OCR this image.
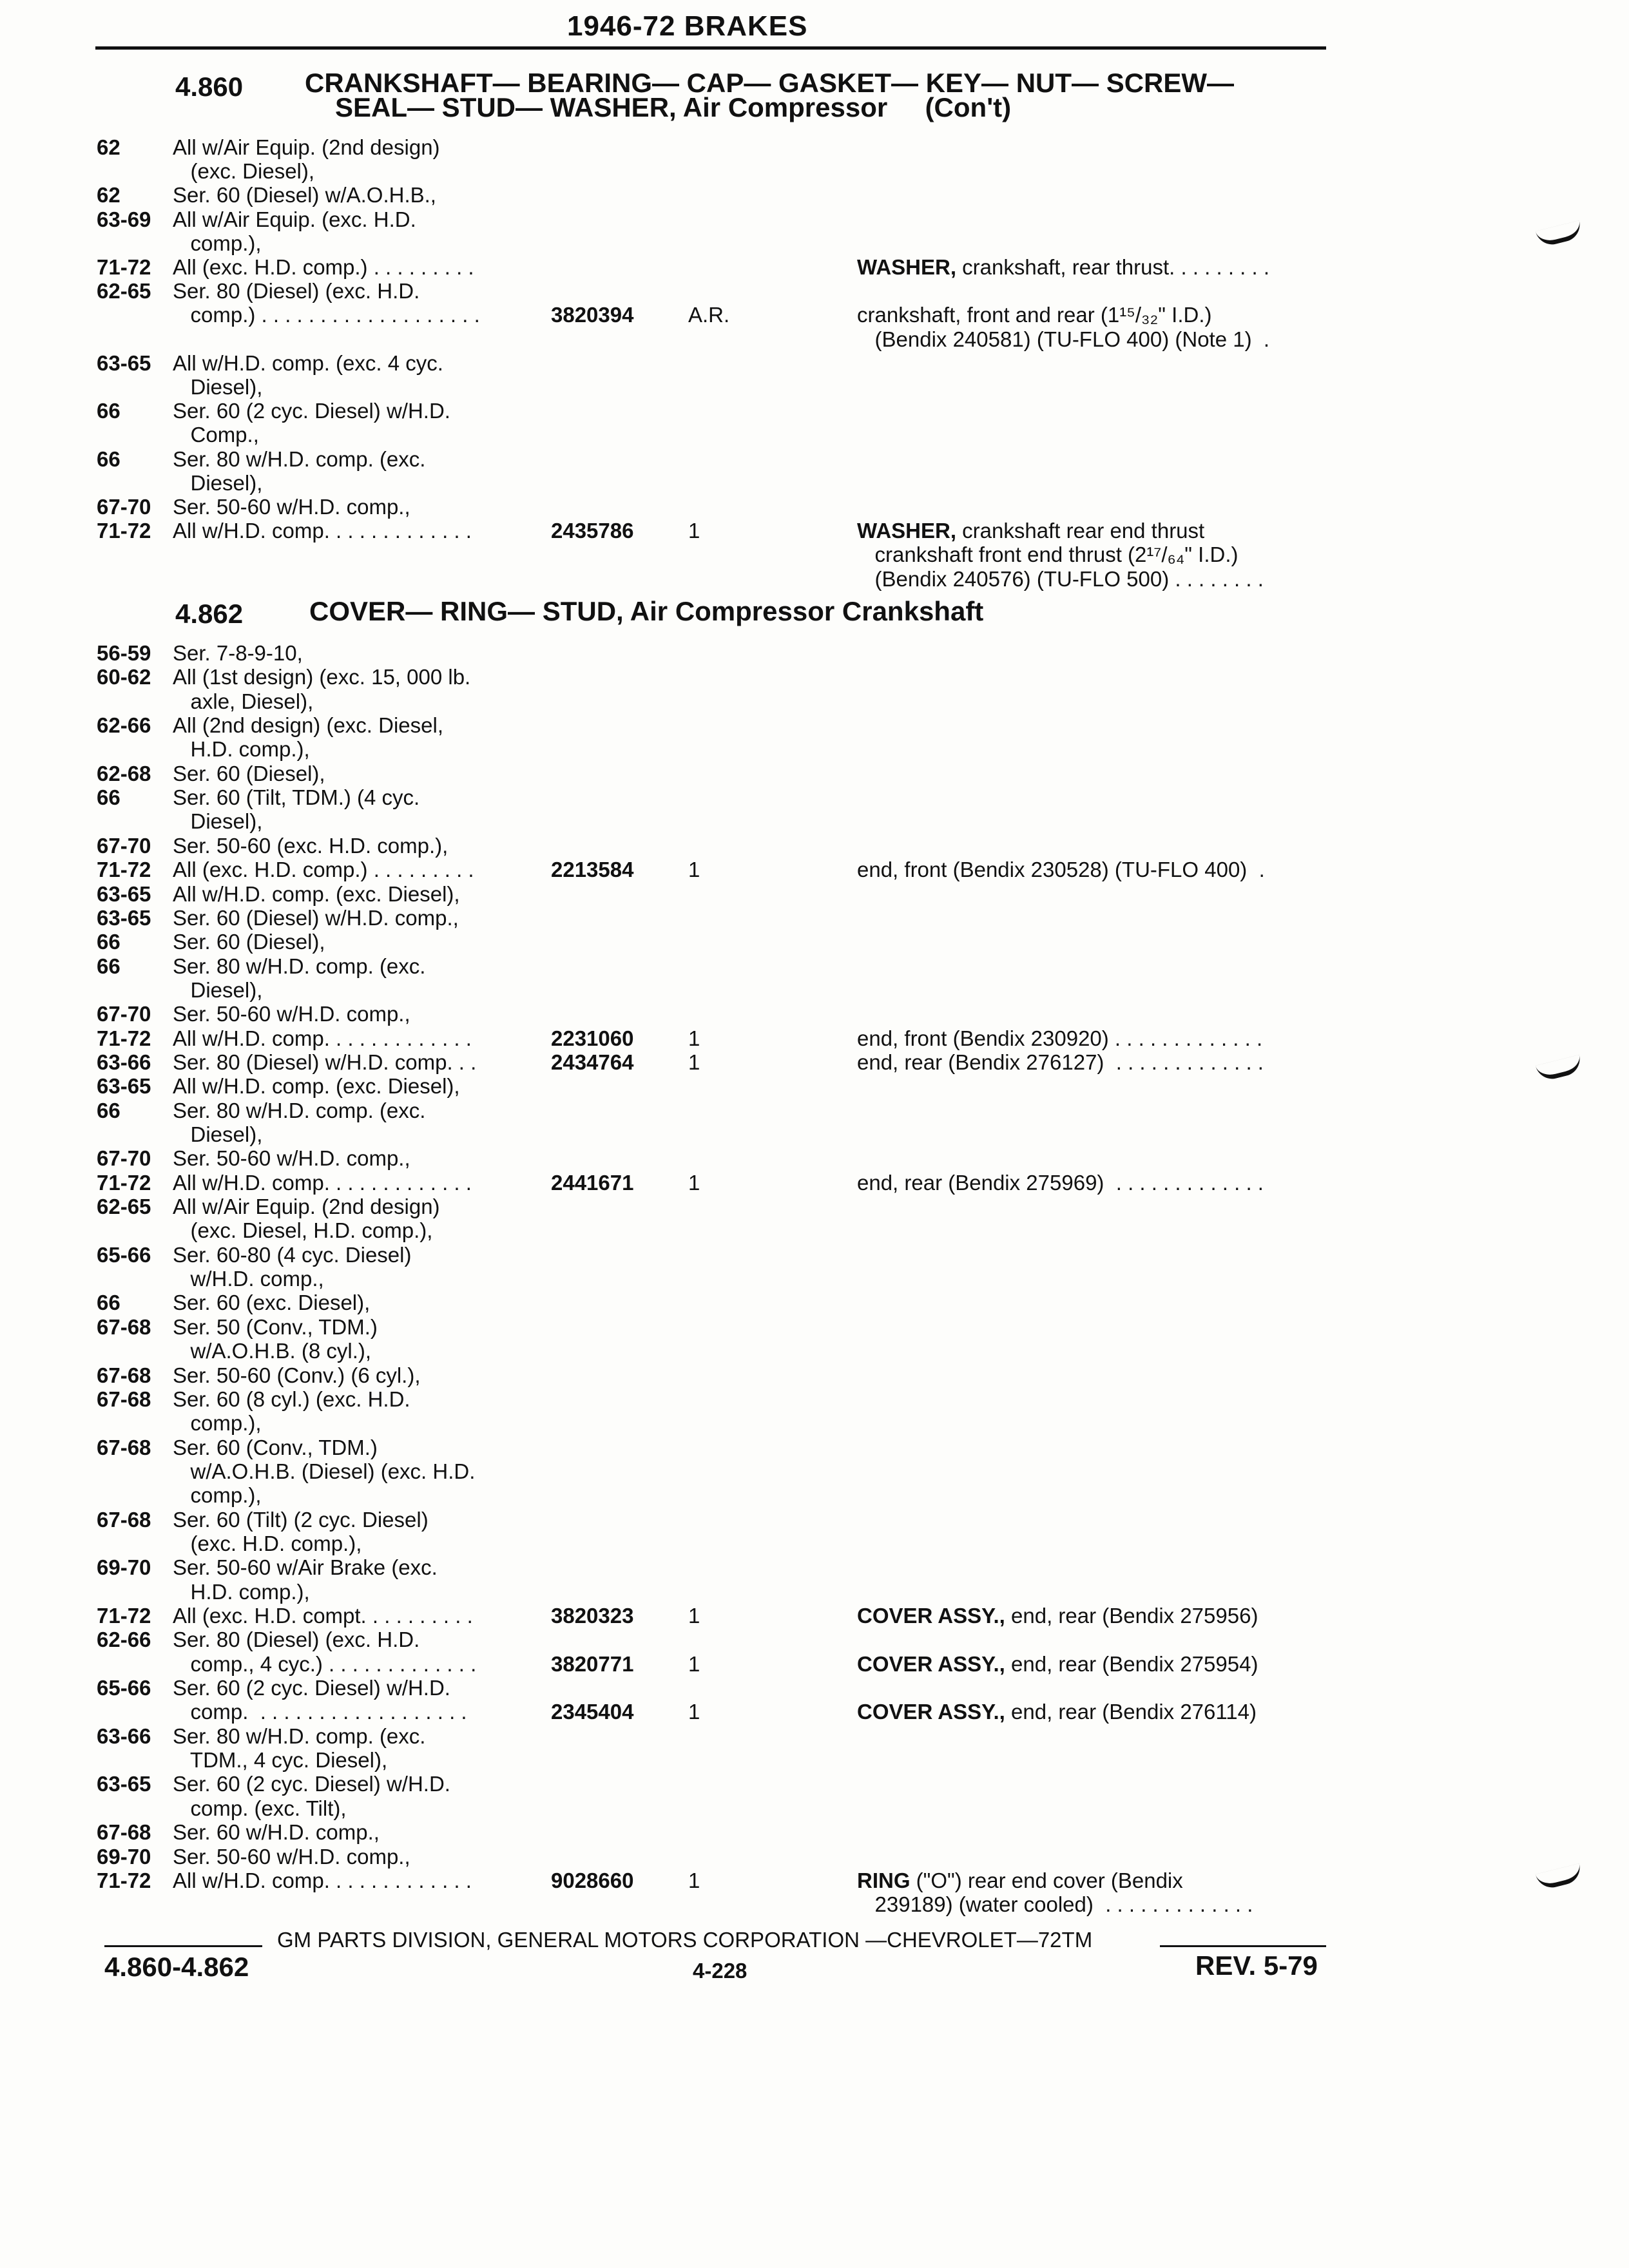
1946-72 BRAKES
4.860 CRANKSHAFT— BEARING— CAP— GASKET— KEY— NUT— SCREW—
SEAL— STUD— WASHER, Air Compressor     (Con't)
4.862 COVER— RING— STUD, Air Compressor Crankshaft
62	All w/Air Equip. (2nd design)
(exc. Diesel),
62	Ser. 60 (Diesel) w/A.O.H.B.,
63-69	All w/Air Equip. (exc. H.D.
comp.),
71-72	All (exc. H.D. comp.) . . . . . . . . .	WASHER, crankshaft, rear thrust. . . . . . . . .
62-65	Ser. 80 (Diesel) (exc. H.D.
comp.) . . . . . . . . . . . . . . . . . . .	3820394	A.R.	crankshaft, front and rear (1¹⁵/₃₂" I.D.)
(Bendix 240581) (TU-FLO 400) (Note 1)  .
63-65	All w/H.D. comp. (exc. 4 cyc.
Diesel),
66	Ser. 60 (2 cyc. Diesel) w/H.D.
Comp.,
66	Ser. 80 w/H.D. comp. (exc.
Diesel),
67-70	Ser. 50-60 w/H.D. comp.,
71-72	All w/H.D. comp. . . . . . . . . . . . .	2435786	1	WASHER, crankshaft rear end thrust
crankshaft front end thrust (2¹⁷/₆₄" I.D.)
(Bendix 240576) (TU-FLO 500) . . . . . . . .
56-59	Ser. 7-8-9-10,
60-62	All (1st design) (exc. 15, 000 lb.
axle, Diesel),
62-66	All (2nd design) (exc. Diesel,
H.D. comp.),
62-68	Ser. 60 (Diesel),
66	Ser. 60 (Tilt, TDM.) (4 cyc.
Diesel),
67-70	Ser. 50-60 (exc. H.D. comp.),
71-72	All (exc. H.D. comp.) . . . . . . . . .	2213584	1	end, front (Bendix 230528) (TU-FLO 400)  .
63-65	All w/H.D. comp. (exc. Diesel),
63-65	Ser. 60 (Diesel) w/H.D. comp.,
66	Ser. 60 (Diesel),
66	Ser. 80 w/H.D. comp. (exc.
Diesel),
67-70	Ser. 50-60 w/H.D. comp.,
71-72	All w/H.D. comp. . . . . . . . . . . . .	2231060	1	end, front (Bendix 230920) . . . . . . . . . . . . .
63-66	Ser. 80 (Diesel) w/H.D. comp. . .	2434764	1	end, rear (Bendix 276127)  . . . . . . . . . . . . .
63-65	All w/H.D. comp. (exc. Diesel),
66	Ser. 80 w/H.D. comp. (exc.
Diesel),
67-70	Ser. 50-60 w/H.D. comp.,
71-72	All w/H.D. comp. . . . . . . . . . . . .	2441671	1	end, rear (Bendix 275969)  . . . . . . . . . . . . .
62-65	All w/Air Equip. (2nd design)
(exc. Diesel, H.D. comp.),
65-66	Ser. 60-80 (4 cyc. Diesel)
w/H.D. comp.,
66	Ser. 60 (exc. Diesel),
67-68	Ser. 50 (Conv., TDM.)
w/A.O.H.B. (8 cyl.),
67-68	Ser. 50-60 (Conv.) (6 cyl.),
67-68	Ser. 60 (8 cyl.) (exc. H.D.
comp.),
67-68	Ser. 60 (Conv., TDM.)
w/A.O.H.B. (Diesel) (exc. H.D.
comp.),
67-68	Ser. 60 (Tilt) (2 cyc. Diesel)
(exc. H.D. comp.),
69-70	Ser. 50-60 w/Air Brake (exc.
H.D. comp.),
71-72	All (exc. H.D. compt. . . . . . . . . .	3820323	1	COVER ASSY., end, rear (Bendix 275956)
62-66	Ser. 80 (Diesel) (exc. H.D.
comp., 4 cyc.) . . . . . . . . . . . . .	3820771	1	COVER ASSY., end, rear (Bendix 275954)
65-66	Ser. 60 (2 cyc. Diesel) w/H.D.
comp.  . . . . . . . . . . . . . . . . . .	2345404	1	COVER ASSY., end, rear (Bendix 276114)
63-66	Ser. 80 w/H.D. comp. (exc.
TDM., 4 cyc. Diesel),
63-65	Ser. 60 (2 cyc. Diesel) w/H.D.
comp. (exc. Tilt),
67-68	Ser. 60 w/H.D. comp.,
69-70	Ser. 50-60 w/H.D. comp.,
71-72	All w/H.D. comp. . . . . . . . . . . . .	9028660	1	RING ("O") rear end cover (Bendix
239189) (water cooled)  . . . . . . . . . . . . .
GM PARTS DIVISION, GENERAL MOTORS CORPORATION —CHEVROLET—72TM
4.860-4.862	4-228	REV. 5-79
